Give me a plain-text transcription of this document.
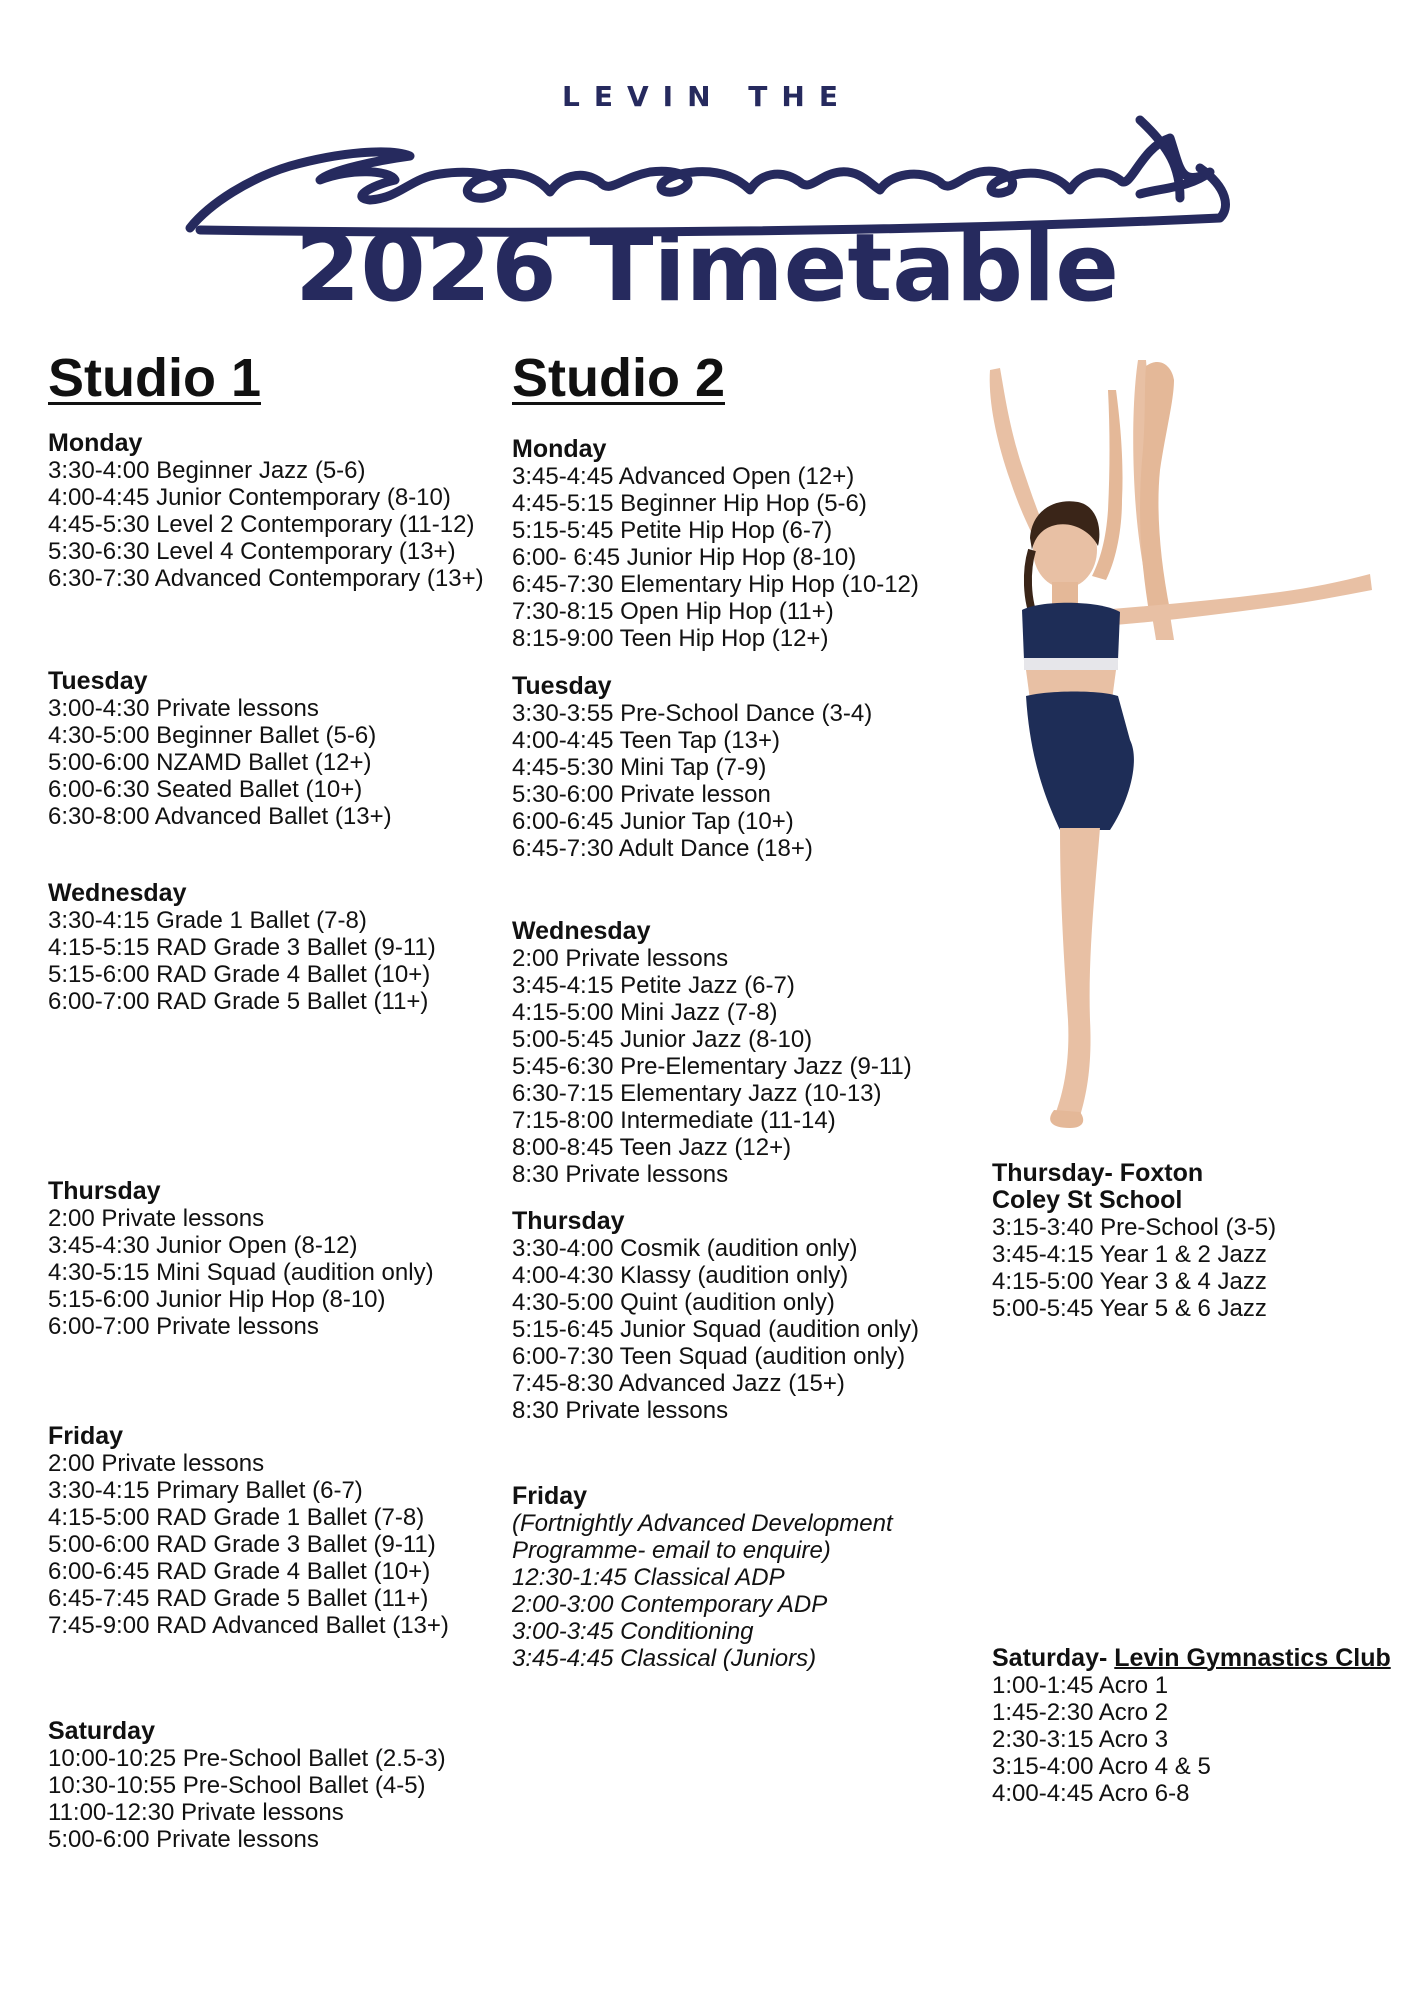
LEVIN THE
2026 Timetable
Studio 1

Monday

3:30-4:00 Beginner Jazz (5-6)

4:00-4:45 Junior Contemporary (8-10)

4:45-5:30 Level 2 Contemporary (11-12)

5:30-6:30 Level 4 Contemporary (13+)

6:30-7:30 Advanced Contemporary (13+)

Tuesday

3:00-4:30 Private lessons

4:30-5:00 Beginner Ballet (5-6)

5:00-6:00 NZAMD Ballet (12+)

6:00-6:30 Seated Ballet (10+)

6:30-8:00 Advanced Ballet (13+)

Wednesday

3:30-4:15 Grade 1 Ballet (7-8)

4:15-5:15 RAD Grade 3 Ballet (9-11)

5:15-6:00 RAD Grade 4 Ballet (10+)

6:00-7:00 RAD Grade 5 Ballet (11+)

Thursday

2:00 Private lessons

3:45-4:30 Junior Open (8-12)

4:30-5:15 Mini Squad (audition only)

5:15-6:00 Junior Hip Hop (8-10)

6:00-7:00 Private lessons

Friday

2:00 Private lessons

3:30-4:15 Primary Ballet (6-7)

4:15-5:00 RAD Grade 1 Ballet (7-8)

5:00-6:00 RAD Grade 3 Ballet (9-11)

6:00-6:45 RAD Grade 4 Ballet (10+)

6:45-7:45 RAD Grade 5 Ballet (11+)

7:45-9:00 RAD Advanced Ballet (13+)

Saturday

10:00-10:25 Pre-School Ballet (2.5-3)

10:30-10:55 Pre-School Ballet (4-5)

11:00-12:30 Private lessons

5:00-6:00 Private lessons

Studio 2

Monday

3:45-4:45 Advanced Open (12+)

4:45-5:15 Beginner Hip Hop (5-6)

5:15-5:45 Petite Hip Hop (6-7)

6:00- 6:45 Junior Hip Hop (8-10)

6:45-7:30 Elementary Hip Hop (10-12)

7:30-8:15 Open Hip Hop (11+)

8:15-9:00 Teen Hip Hop (12+)

Tuesday

3:30-3:55 Pre-School Dance (3-4)

4:00-4:45 Teen Tap (13+)

4:45-5:30 Mini Tap (7-9)

5:30-6:00 Private lesson

6:00-6:45 Junior Tap (10+)

6:45-7:30 Adult Dance (18+)

Wednesday

2:00 Private lessons

3:45-4:15 Petite Jazz (6-7)

4:15-5:00 Mini Jazz (7-8)

5:00-5:45 Junior Jazz (8-10)

5:45-6:30 Pre-Elementary Jazz (9-11)

6:30-7:15 Elementary Jazz (10-13)

7:15-8:00 Intermediate (11-14)

8:00-8:45 Teen Jazz (12+)

8:30 Private lessons

Thursday

3:30-4:00 Cosmik (audition only)

4:00-4:30 Klassy (audition only)

4:30-5:00 Quint (audition only)

5:15-6:45 Junior Squad (audition only)

6:00-7:30 Teen Squad (audition only)

7:45-8:30 Advanced Jazz (15+)

8:30 Private lessons

Friday

(Fortnightly Advanced Development

Programme- email to enquire)

12:30-1:45 Classical ADP

2:00-3:00 Contemporary ADP

3:00-3:45 Conditioning

3:45-4:45 Classical (Juniors)

Thursday- Foxton

Coley St School

3:15-3:40 Pre-School (3-5)

3:45-4:15 Year 1 & 2 Jazz

4:15-5:00 Year 3 & 4 Jazz

5:00-5:45 Year 5 & 6 Jazz

Saturday- Levin Gymnastics Club

1:00-1:45 Acro 1

1:45-2:30 Acro 2

2:30-3:15 Acro 3

3:15-4:00 Acro 4 & 5

4:00-4:45 Acro 6-8
